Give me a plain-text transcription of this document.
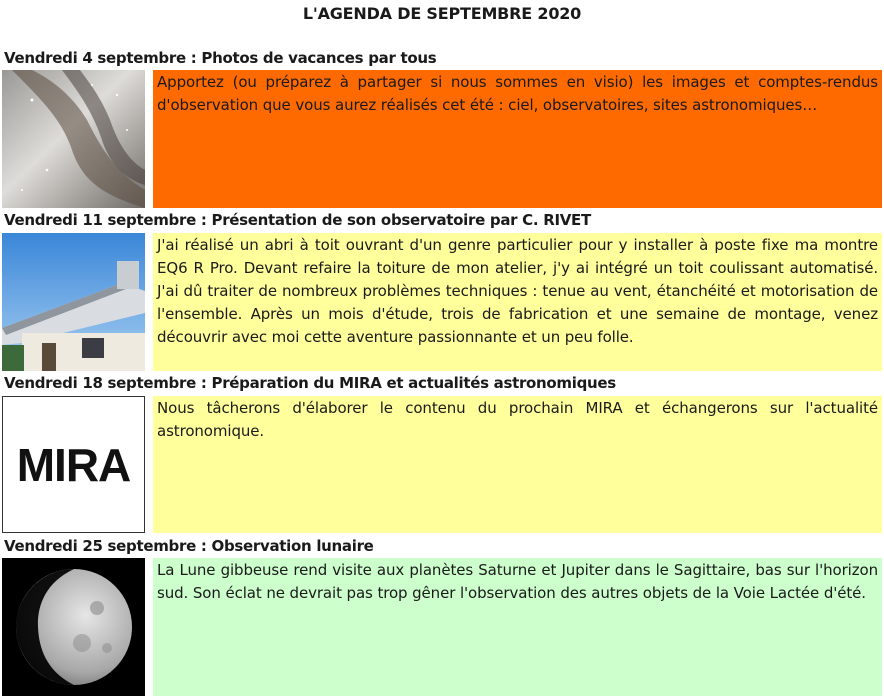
L'AGENDA DE SEPTEMBRE 2020
Vendredi 4 septembre : Photos de vacances par tous
Apportez (ou préparez à partager si nous sommes en visio) les images et comptes-rendus d'observation que vous aurez réalisés cet été : ciel, observatoires, sites astronomiques…
Vendredi 11 septembre : Présentation de son observatoire par C. RIVET
J'ai réalisé un abri à toit ouvrant d'un genre particulier pour y installer à poste fixe ma montre EQ6 R Pro. Devant refaire la toiture de mon atelier, j'y ai intégré un toit coulissant automatisé. J'ai dû traiter de nombreux problèmes techniques : tenue au vent, étanchéité et motorisation de l'ensemble. Après un mois d'étude, trois de fabrication et une semaine de montage, venez découvrir avec moi cette aventure passionnante et un peu folle.
Vendredi 18 septembre : Préparation du MIRA et actualités astronomiques
MIRA
Nous tâcherons d'élaborer le contenu du prochain MIRA et échangerons sur l'actualité astronomique.
Vendredi 25 septembre : Observation lunaire
La Lune gibbeuse rend visite aux planètes Saturne et Jupiter dans le Sagittaire, bas sur l'horizon sud. Son éclat ne devrait pas trop gêner l'observation des autres objets de la Voie Lactée d'été.
